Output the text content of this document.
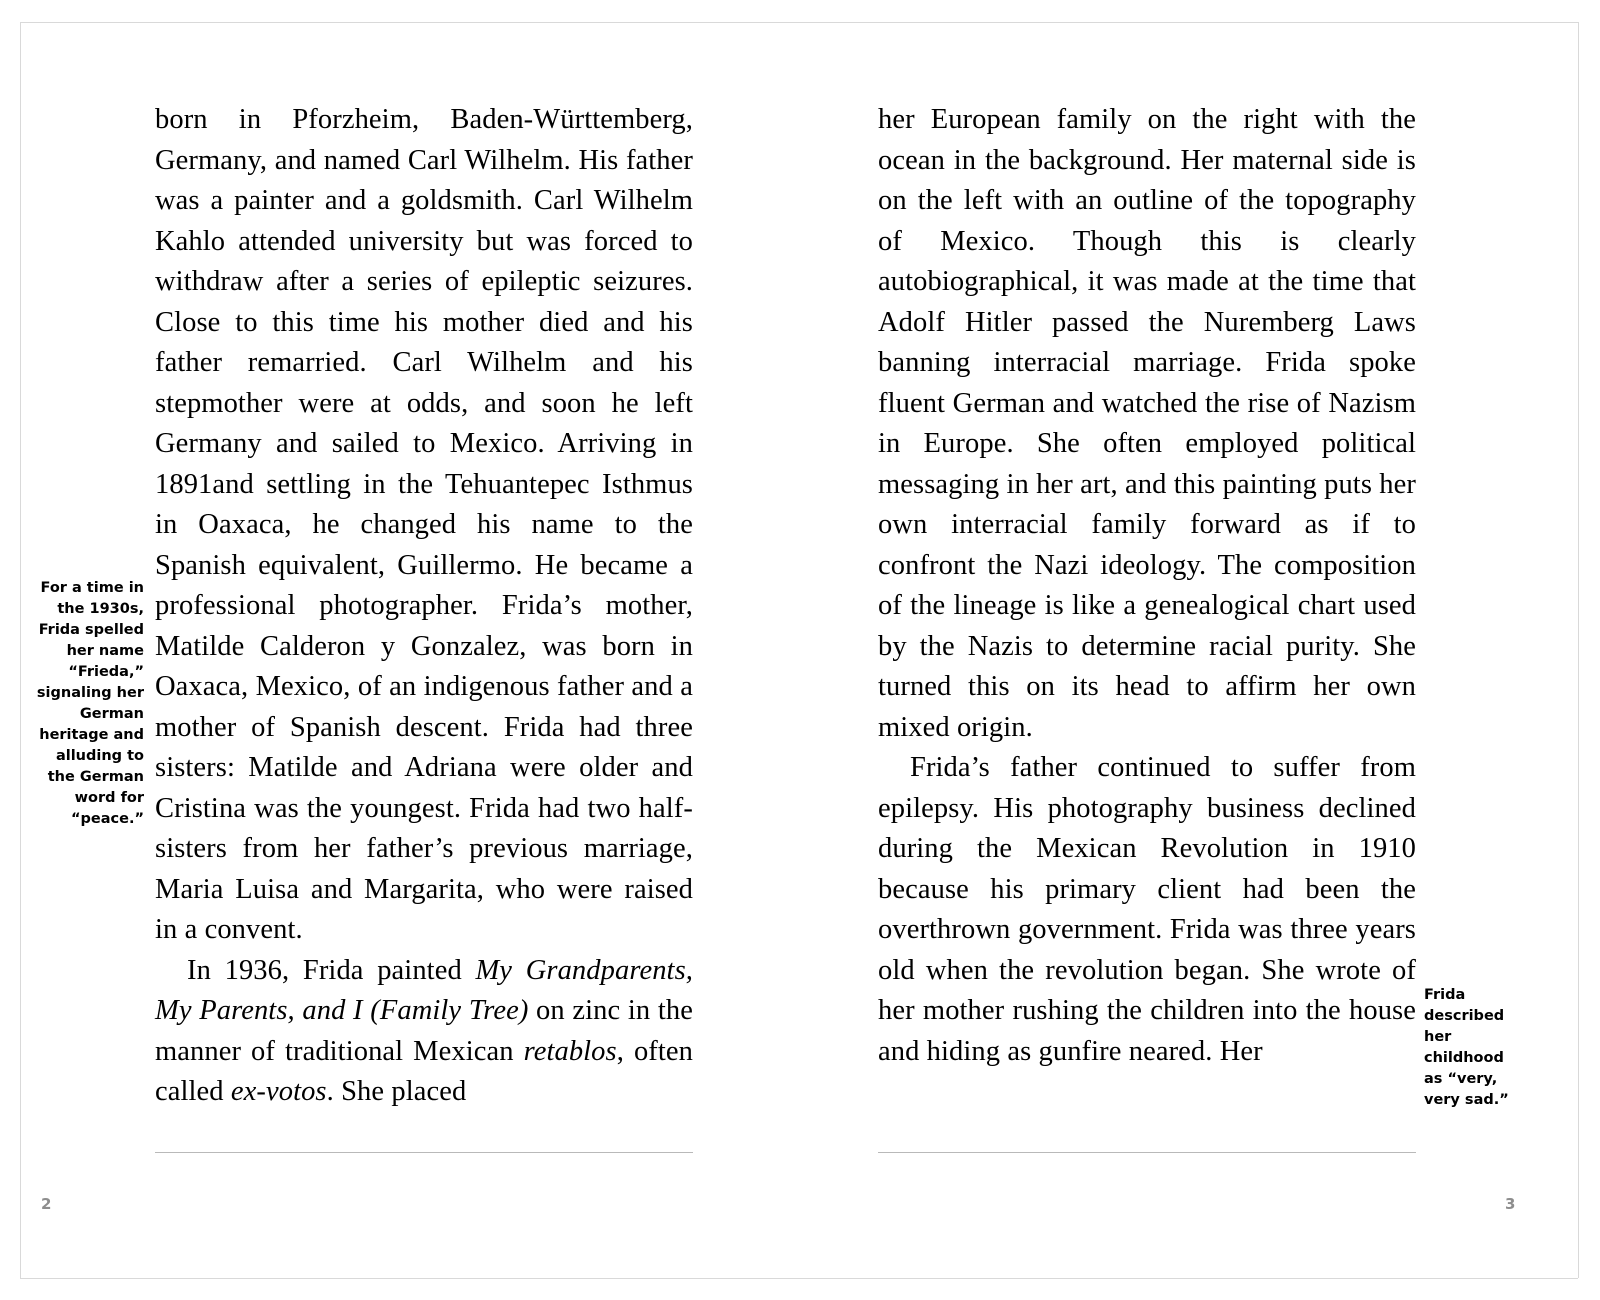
born in Pforzheim, Baden-Württemberg, Germany, and named Carl Wilhelm. His father was a painter and a goldsmith. Carl Wilhelm Kahlo attended university but was forced to withdraw after a series of epileptic seizures. Close to this time his mother died and his father remarried. Carl Wilhelm and his stepmother were at odds, and soon he left Germany and sailed to Mexico. Arriving in 1891and settling in the Tehuantepec Isthmus in Oaxaca, he changed his name to the Spanish equivalent, Guillermo. He became a professional photographer. Frida’s mother, Matilde Calderon y Gonzalez, was born in Oaxaca, Mexico, of an indigenous father and a mother of Spanish descent. Frida had three sisters: Matilde and Adriana were older and Cristina was the youngest. Frida had two half-sisters from her father’s previous marriage, Maria Luisa and Margarita, who were raised in a convent.

In 1936, Frida painted My Grandparents, My Parents, and I (Family Tree) on zinc in the manner of traditional Mexican retablos, often called ex-votos. She placed

For a time in the 1930s, Frida spelled her name “Frieda,” signaling her German heritage and alluding to the German word for “peace.”
2

her European family on the right with the ocean in the background. Her maternal side is on the left with an outline of the topography of Mexico. Though this is clearly autobiographical, it was made at the time that Adolf Hitler passed the Nuremberg Laws banning interracial marriage. Frida spoke fluent German and watched the rise of Nazism in Europe. She often employed political messaging in her art, and this painting puts her own interracial family forward as if to confront the Nazi ideology. The composition of the lineage is like a genealogical chart used by the Nazis to determine racial purity. She turned this on its head to affirm her own mixed origin.

Frida’s father continued to suffer from epilepsy. His photography business declined during the Mexican Revolution in 1910 because his primary client had been the overthrown government. Frida was three years old when the revolution began. She wrote of her mother rushing the children into the house and hiding as gunfire neared. Her

Frida described her childhood as “very, very sad.”
3
